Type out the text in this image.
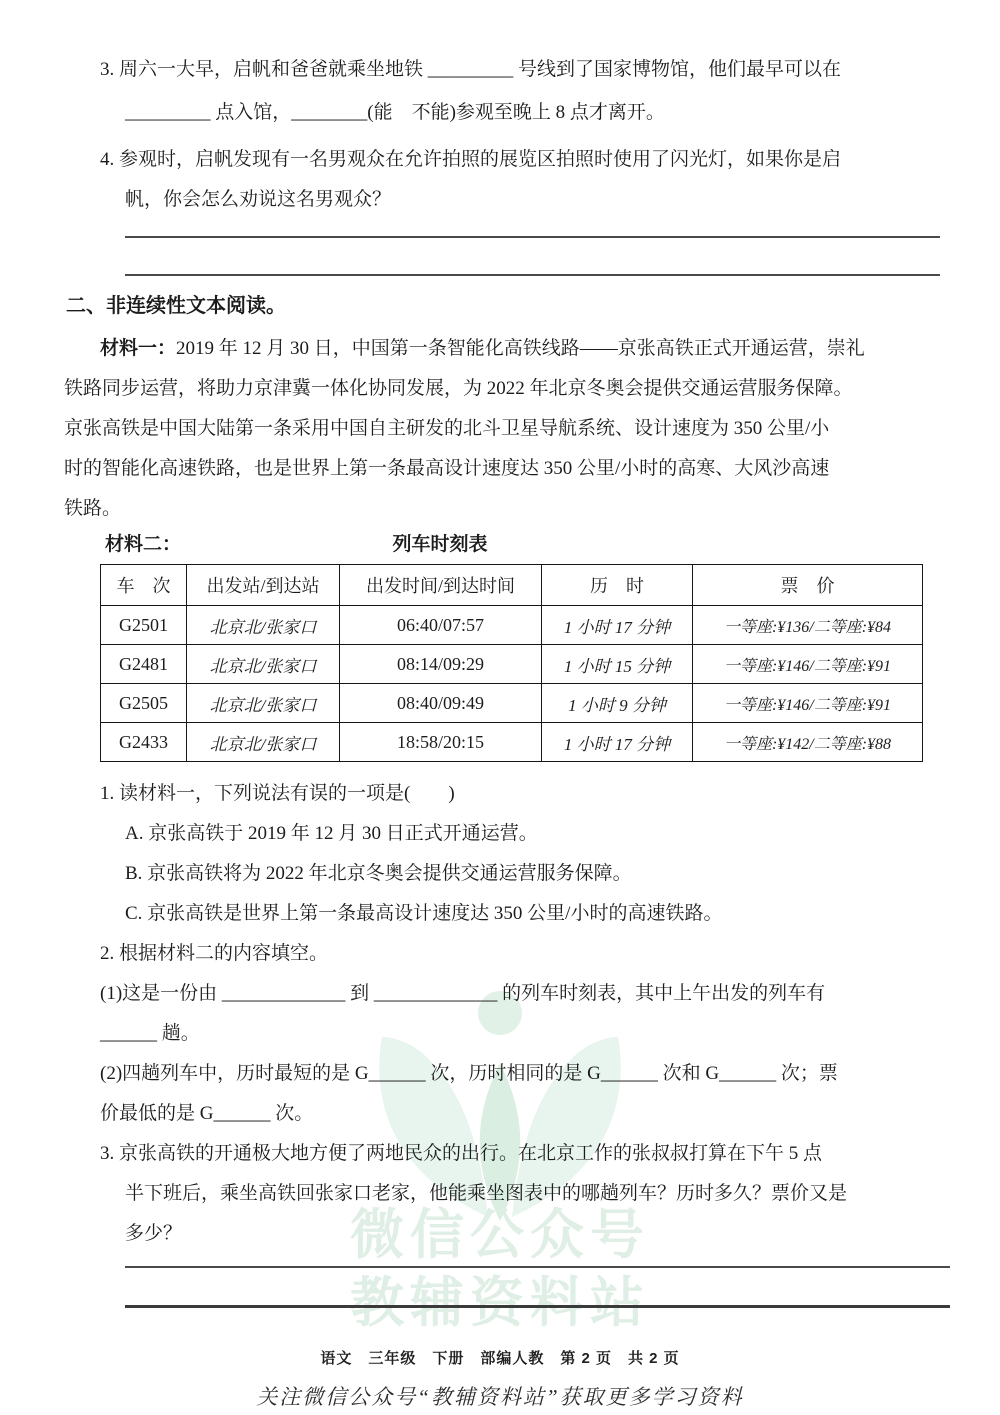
微信公众号
教辅资料站
3. 周六一大早，启帆和爸爸就乘坐地铁 _________ 号线到了国家博物馆，他们最早可以在
_________ 点入馆，________(能　不能)参观至晚上 8 点才离开。
4. 参观时，启帆发现有一名男观众在允许拍照的展览区拍照时使用了闪光灯，如果你是启
帆，你会怎么劝说这名男观众？
二、非连续性文本阅读。
材料一：2019 年 12 月 30 日，中国第一条智能化高铁线路——京张高铁正式开通运营，崇礼
铁路同步运营，将助力京津冀一体化协同发展，为 2022 年北京冬奥会提供交通运营服务保障。
京张高铁是中国大陆第一条采用中国自主研发的北斗卫星导航系统、设计速度为 350 公里/小
时的智能化高速铁路，也是世界上第一条最高设计速度达 350 公里/小时的高寒、大风沙高速
铁路。
材料二：	列车时刻表
车　次	出发站/到达站	出发时间/到达时间	历　时	票　价
G2501	北京北/张家口	06:40/07:57	1 小时 17 分钟	一等座:¥136/二等座:¥84
G2481	北京北/张家口	08:14/09:29	1 小时 15 分钟	一等座:¥146/二等座:¥91
G2505	北京北/张家口	08:40/09:49	1 小时 9 分钟	一等座:¥146/二等座:¥91
G2433	北京北/张家口	18:58/20:15	1 小时 17 分钟	一等座:¥142/二等座:¥88
1. 读材料一，下列说法有误的一项是(　　)
A. 京张高铁于 2019 年 12 月 30 日正式开通运营。
B. 京张高铁将为 2022 年北京冬奥会提供交通运营服务保障。
C. 京张高铁是世界上第一条最高设计速度达 350 公里/小时的高速铁路。
2. 根据材料二的内容填空。
(1)这是一份由 _____________ 到 _____________ 的列车时刻表，其中上午出发的列车有
______ 趟。
(2)四趟列车中，历时最短的是 G______ 次，历时相同的是 G______ 次和 G______ 次；票
价最低的是 G______ 次。
3. 京张高铁的开通极大地方便了两地民众的出行。在北京工作的张叔叔打算在下午 5 点
半下班后，乘坐高铁回张家口老家，他能乘坐图表中的哪趟列车？历时多久？票价又是
多少？
语文　三年级　下册　部编人教　第 2 页　共 2 页
关注微信公众号“教辅资料站”获取更多学习资料
